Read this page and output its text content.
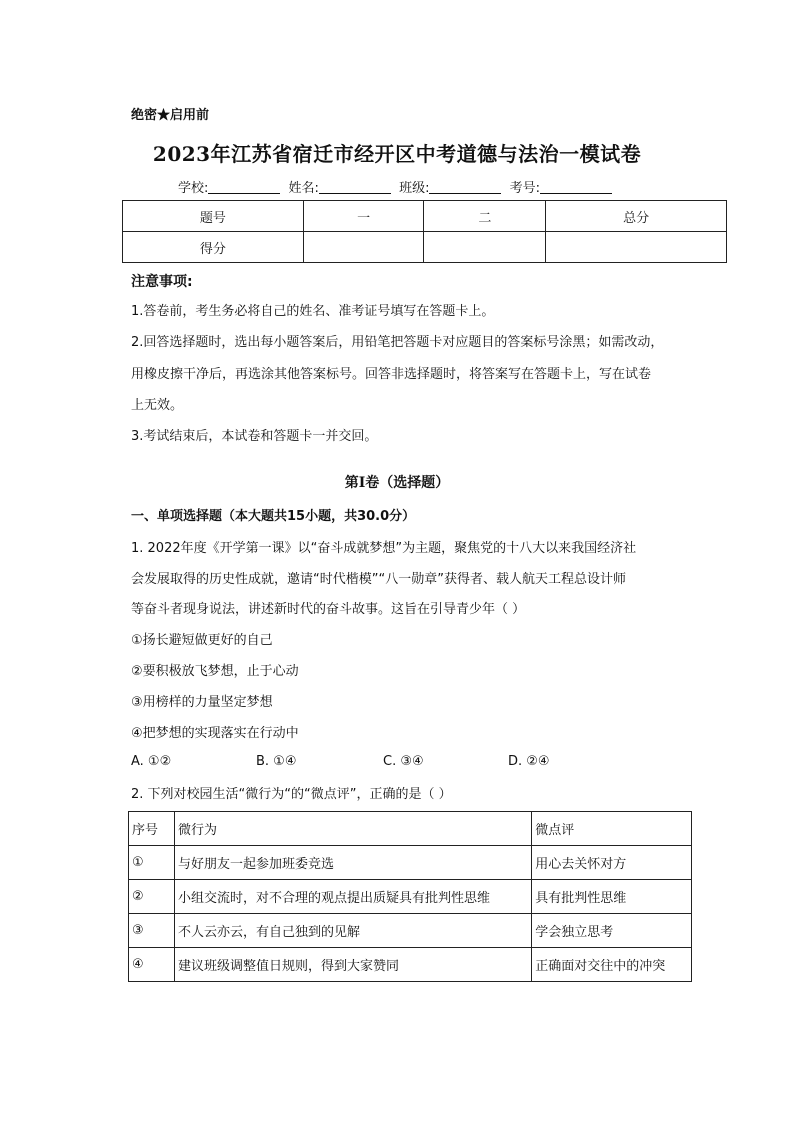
绝密★启用前
2023年江苏省宿迁市经开区中考道德与法治一模试卷
学校:	姓名:	班级:	考号:
题号	一	二	总分
得分			
注意事项:
1.答卷前，考生务必将自己的姓名、准考证号填写在答题卡上。
2.回答选择题时，选出每小题答案后，用铅笔把答题卡对应题目的答案标号涂黑；如需改动，
用橡皮擦干净后，再选涂其他答案标号。回答非选择题时，将答案写在答题卡上，写在试卷
上无效。
3.考试结束后，本试卷和答题卡一并交回。
第Ⅰ卷（选择题）
一、单项选择题（本大题共15小题，共30.0分）
1. 2022年度《开学第一课》以“奋斗成就梦想”为主题，聚焦党的十八大以来我国经济社
会发展取得的历史性成就，邀请“时代楷模”“八一勋章”获得者、载人航天工程总设计师
等奋斗者现身说法，讲述新时代的奋斗故事。这旨在引导青少年（ ）
①扬长避短做更好的自己
②要积极放飞梦想，止于心动
③用榜样的力量坚定梦想
④把梦想的实现落实在行动中
A. ①②	B. ①④	C. ③④	D. ②④
2. 下列对校园生活“微行为“的“微点评”，正确的是（ ）
序号	微行为	微点评
①	与好朋友一起参加班委竞选	用心去关怀对方
②	小组交流时，对不合理的观点提出质疑具有批判性思维	具有批判性思维
③	不人云亦云，有自己独到的见解	学会独立思考
④	建议班级调整值日规则，得到大家赞同	正确面对交往中的冲突
